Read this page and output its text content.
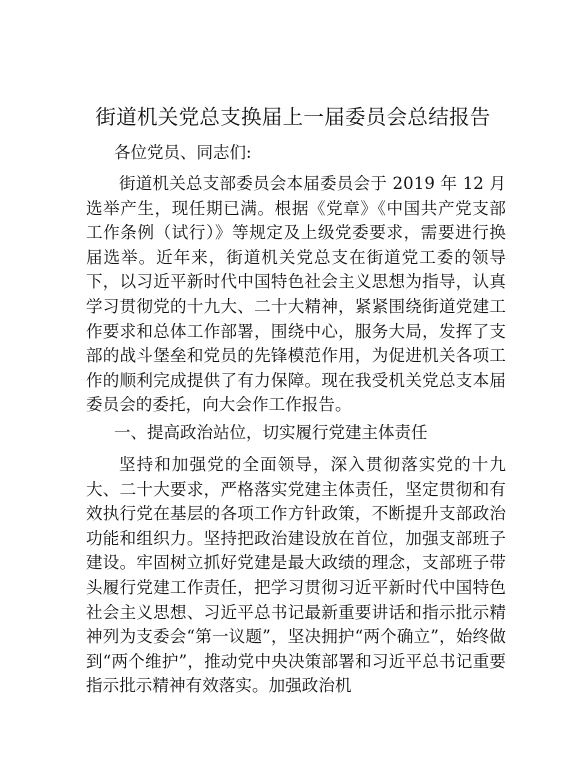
街道机关党总支换届上一届委员会总结报告
各位党员、同志们:

街道机关总支部委员会本届委员会于 2019 年 12 月选举产生，现任期已满。根据《党章》《中国共产党支部工作条例（试行）》等规定及上级党委要求，需要进行换届选举。近年来，街道机关党总支在街道党工委的领导下，以习近平新时代中国特色社会主义思想为指导，认真学习贯彻党的十九大、二十大精神，紧紧围绕街道党建工作要求和总体工作部署，围绕中心，服务大局，发挥了支部的战斗堡垒和党员的先锋模范作用，为促进机关各项工作的顺利完成提供了有力保障。现在我受机关党总支本届委员会的委托，向大会作工作报告。

一、提高政治站位，切实履行党建主体责任

坚持和加强党的全面领导，深入贯彻落实党的十九大、二十大要求，严格落实党建主体责任，坚定贯彻和有效执行党在基层的各项工作方针政策，不断提升支部政治功能和组织力。坚持把政治建设放在首位，加强支部班子建设。牢固树立抓好党建是最大政绩的理念，支部班子带头履行党建工作责任，把学习贯彻习近平新时代中国特色社会主义思想、习近平总书记最新重要讲话和指示批示精神列为支委会“第一议题”，坚决拥护“两个确立”，始终做到“两个维护”，推动党中央决策部署和习近平总书记重要指示批示精神有效落实。加强政治机
